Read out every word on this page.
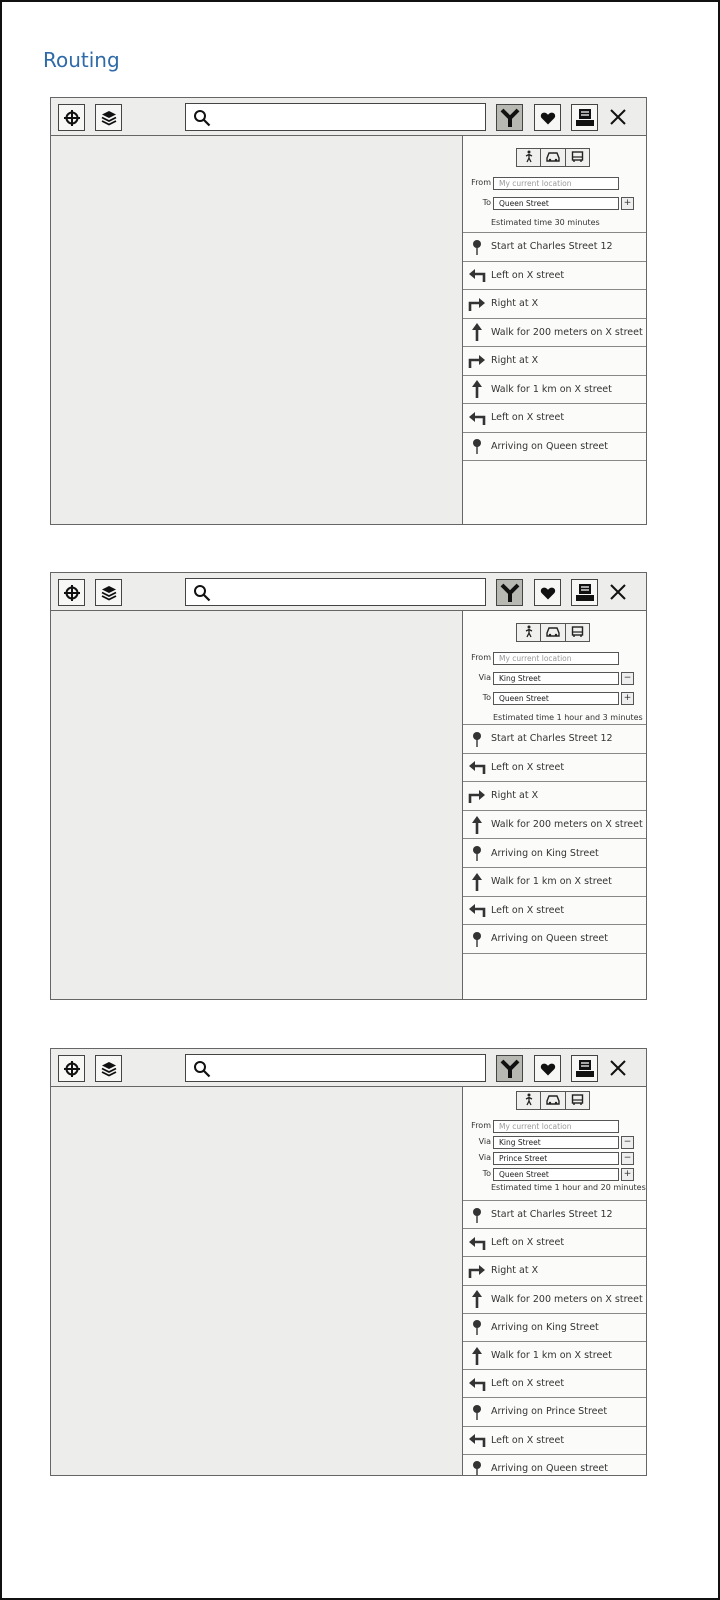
Routing
From	My current location
To	Queen Street	+
Estimated time 30 minutes
Start at Charles Street 12
Left on X street
Right at X
Walk for 200 meters on X street
Right at X
Walk for 1 km on X street
Left on X street
Arriving on Queen street
From	My current location
Via	King Street	−
To	Queen Street	+
Estimated time 1 hour and 3 minutes
Start at Charles Street 12
Left on X street
Right at X
Walk for 200 meters on X street
Arriving on King Street
Walk for 1 km on X street
Left on X street
Arriving on Queen street
From	My current location
Via	King Street	−
Via	Prince Street	−
To	Queen Street	+
Estimated time 1 hour and 20 minutes
Start at Charles Street 12
Left on X street
Right at X
Walk for 200 meters on X street
Arriving on King Street
Walk for 1 km on X street
Left on X street
Arriving on Prince Street
Left on X street
Arriving on Queen street
